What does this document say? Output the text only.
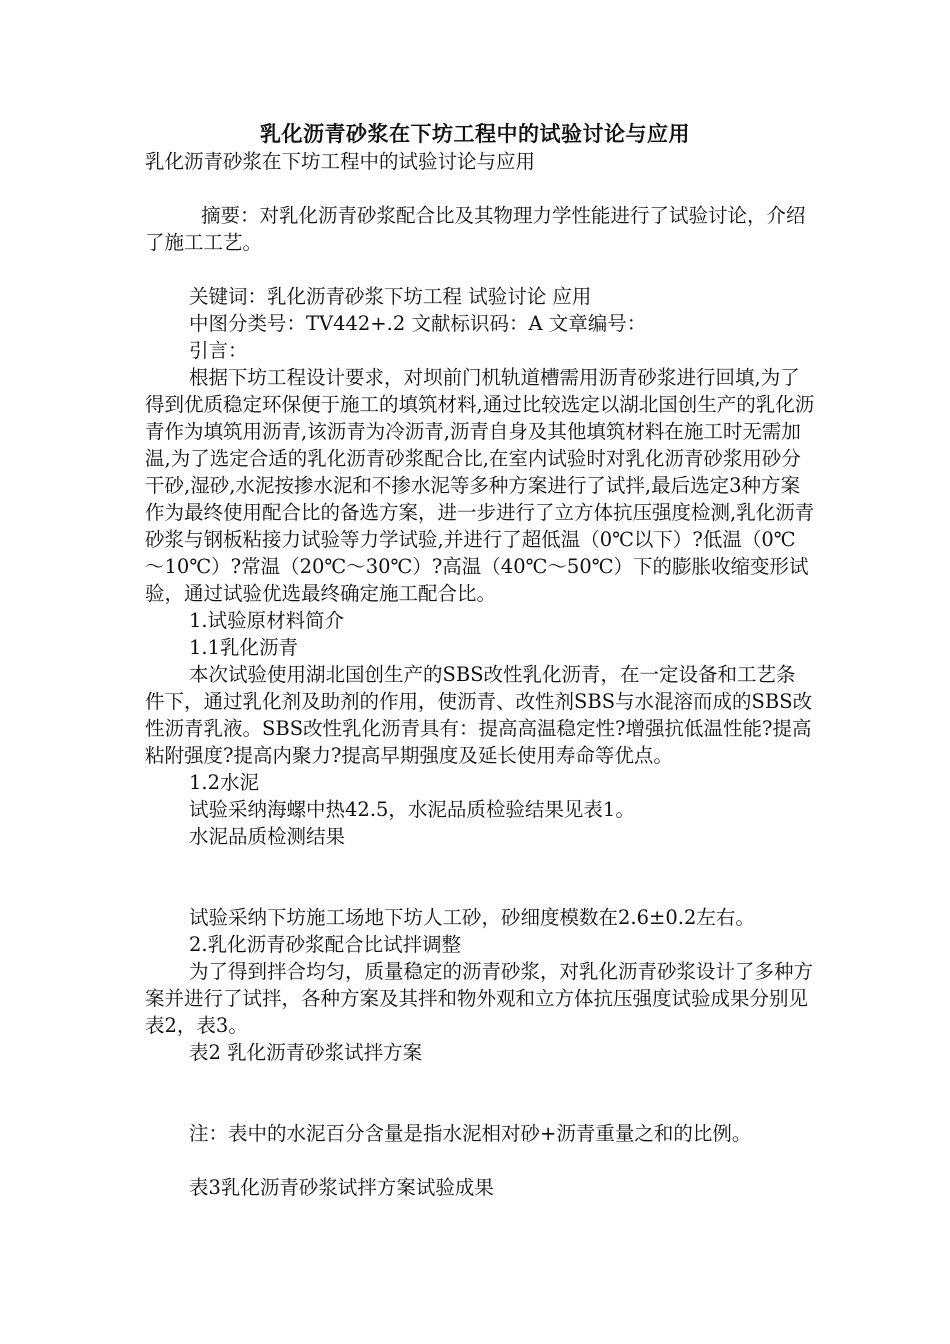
乳化沥青砂浆在下坊工程中的试验讨论与应用

乳化沥青砂浆在下坊工程中的试验讨论与应用

摘要：对乳化沥青砂浆配合比及其物理力学性能进行了试验讨论，介绍了施工工艺。

关键词：乳化沥青砂浆下坊工程 试验讨论 应用

中图分类号：TV442+.2 文献标识码：A 文章编号：

引言：

根据下坊工程设计要求，对坝前门机轨道槽需用沥青砂浆进行回填,为了得到优质稳定环保便于施工的填筑材料,通过比较选定以湖北国创生产的乳化沥青作为填筑用沥青,该沥青为冷沥青,沥青自身及其他填筑材料在施工时无需加温,为了选定合适的乳化沥青砂浆配合比,在室内试验时对乳化沥青砂浆用砂分干砂,湿砂,水泥按掺水泥和不掺水泥等多种方案进行了试拌,最后选定3种方案作为最终使用配合比的备选方案，进一步进行了立方体抗压强度检测,乳化沥青砂浆与钢板粘接力试验等力学试验,并进行了超低温（0℃以下）?低温（0℃～10℃）?常温（20℃～30℃）?高温（40℃～50℃）下的膨胀收缩变形试验，通过试验优选最终确定施工配合比。

1.试验原材料简介

1.1乳化沥青

本次试验使用湖北国创生产的SBS改性乳化沥青，在一定设备和工艺条件下，通过乳化剂及助剂的作用，使沥青、改性剂SBS与水混溶而成的SBS改性沥青乳液。SBS改性乳化沥青具有：提高高温稳定性?增强抗低温性能?提高粘附强度?提高内聚力?提高早期强度及延长使用寿命等优点。

1.2水泥

试验采纳海螺中热42.5，水泥品质检验结果见表1。

水泥品质检测结果

试验采纳下坊施工场地下坊人工砂，砂细度模数在2.6±0.2左右。

2.乳化沥青砂浆配合比试拌调整

为了得到拌合均匀，质量稳定的沥青砂浆，对乳化沥青砂浆设计了多种方案并进行了试拌，各种方案及其拌和物外观和立方体抗压强度试验成果分别见表2，表3。

表2 乳化沥青砂浆试拌方案

注：表中的水泥百分含量是指水泥相对砂+沥青重量之和的比例。

表3乳化沥青砂浆试拌方案试验成果
